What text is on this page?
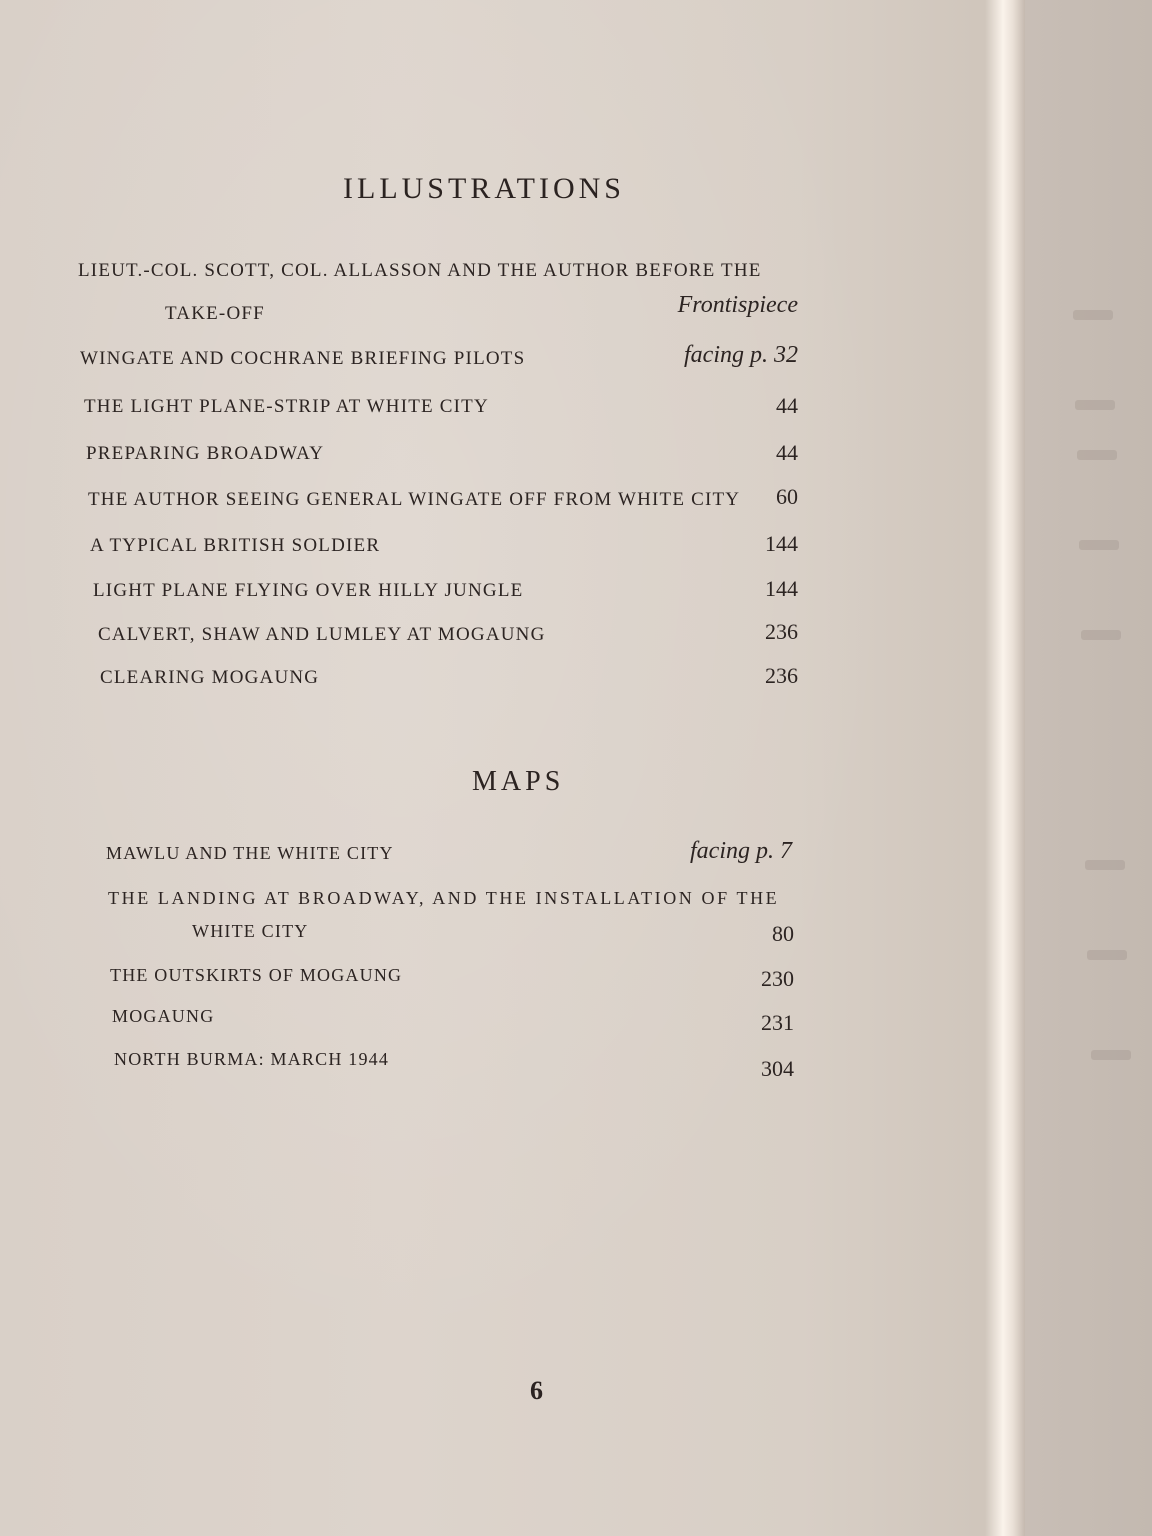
ILLUSTRATIONS
LIEUT.-COL. SCOTT, COL. ALLASSON AND THE AUTHOR BEFORE THE
TAKE-OFF	Frontispiece
WINGATE AND COCHRANE BRIEFING PILOTS	facing p. 32
THE LIGHT PLANE-STRIP AT WHITE CITY	44
PREPARING BROADWAY	44
THE AUTHOR SEEING GENERAL WINGATE OFF FROM WHITE CITY 60
A TYPICAL BRITISH SOLDIER	144
LIGHT PLANE FLYING OVER HILLY JUNGLE	144
CALVERT, SHAW AND LUMLEY AT MOGAUNG	236
CLEARING MOGAUNG	236
MAPS
MAWLU AND THE WHITE CITY	facing p. 7
THE LANDING AT BROADWAY, AND THE INSTALLATION OF THE
WHITE CITY	80
THE OUTSKIRTS OF MOGAUNG	230
MOGAUNG	231
NORTH BURMA: MARCH 1944	304
6
